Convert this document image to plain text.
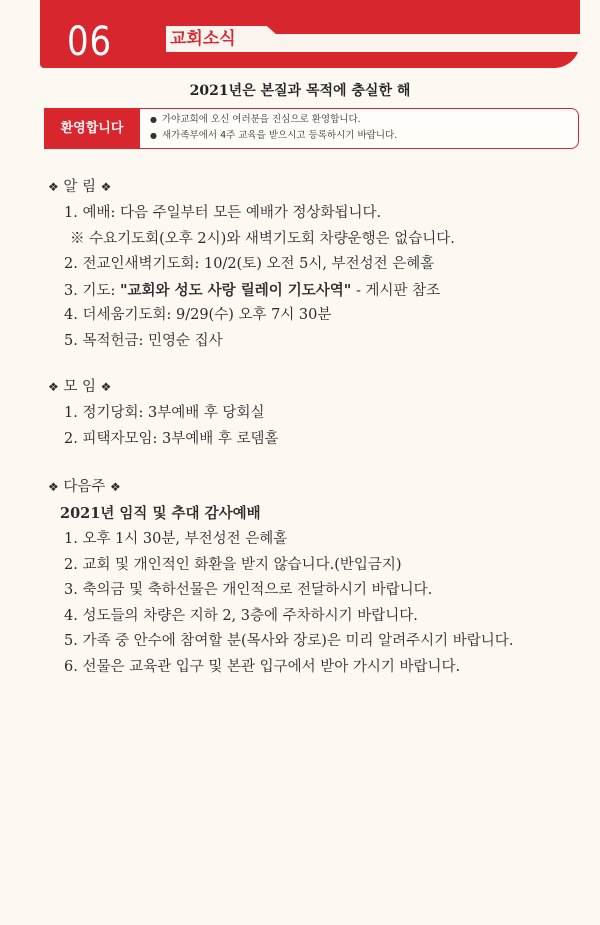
06	교회소식
2021년은 본질과 목적에 충실한 해
환영합니다
● 가야교회에 오신 여러분을 진심으로 환영합니다.
● 새가족부에서 4주 교육을 받으시고 등록하시기 바랍니다.
❖ 알 림 ❖
1. 예배: 다음 주일부터 모든 예배가 정상화됩니다.
※ 수요기도회(오후 2시)와 새벽기도회 차량운행은 없습니다.
2. 전교인새벽기도회: 10/2(토) 오전 5시, 부전성전 은혜홀
3. 기도: "교회와 성도 사랑 릴레이 기도사역" - 게시판 참조
4. 더세움기도회: 9/29(수) 오후 7시 30분
5. 목적헌금: 민영순 집사
❖ 모 임 ❖
1. 정기당회: 3부예배 후 당회실
2. 피택자모임: 3부예배 후 로뎀홀
❖ 다음주 ❖
2021년 임직 및 추대 감사예배
1. 오후 1시 30분, 부전성전 은혜홀
2. 교회 및 개인적인 화환을 받지 않습니다.(반입금지)
3. 축의금 및 축하선물은 개인적으로 전달하시기 바랍니다.
4. 성도들의 차량은 지하 2, 3층에 주차하시기 바랍니다.
5. 가족 중 안수에 참여할 분(목사와 장로)은 미리 알려주시기 바랍니다.
6. 선물은 교육관 입구 및 본관 입구에서 받아 가시기 바랍니다.
